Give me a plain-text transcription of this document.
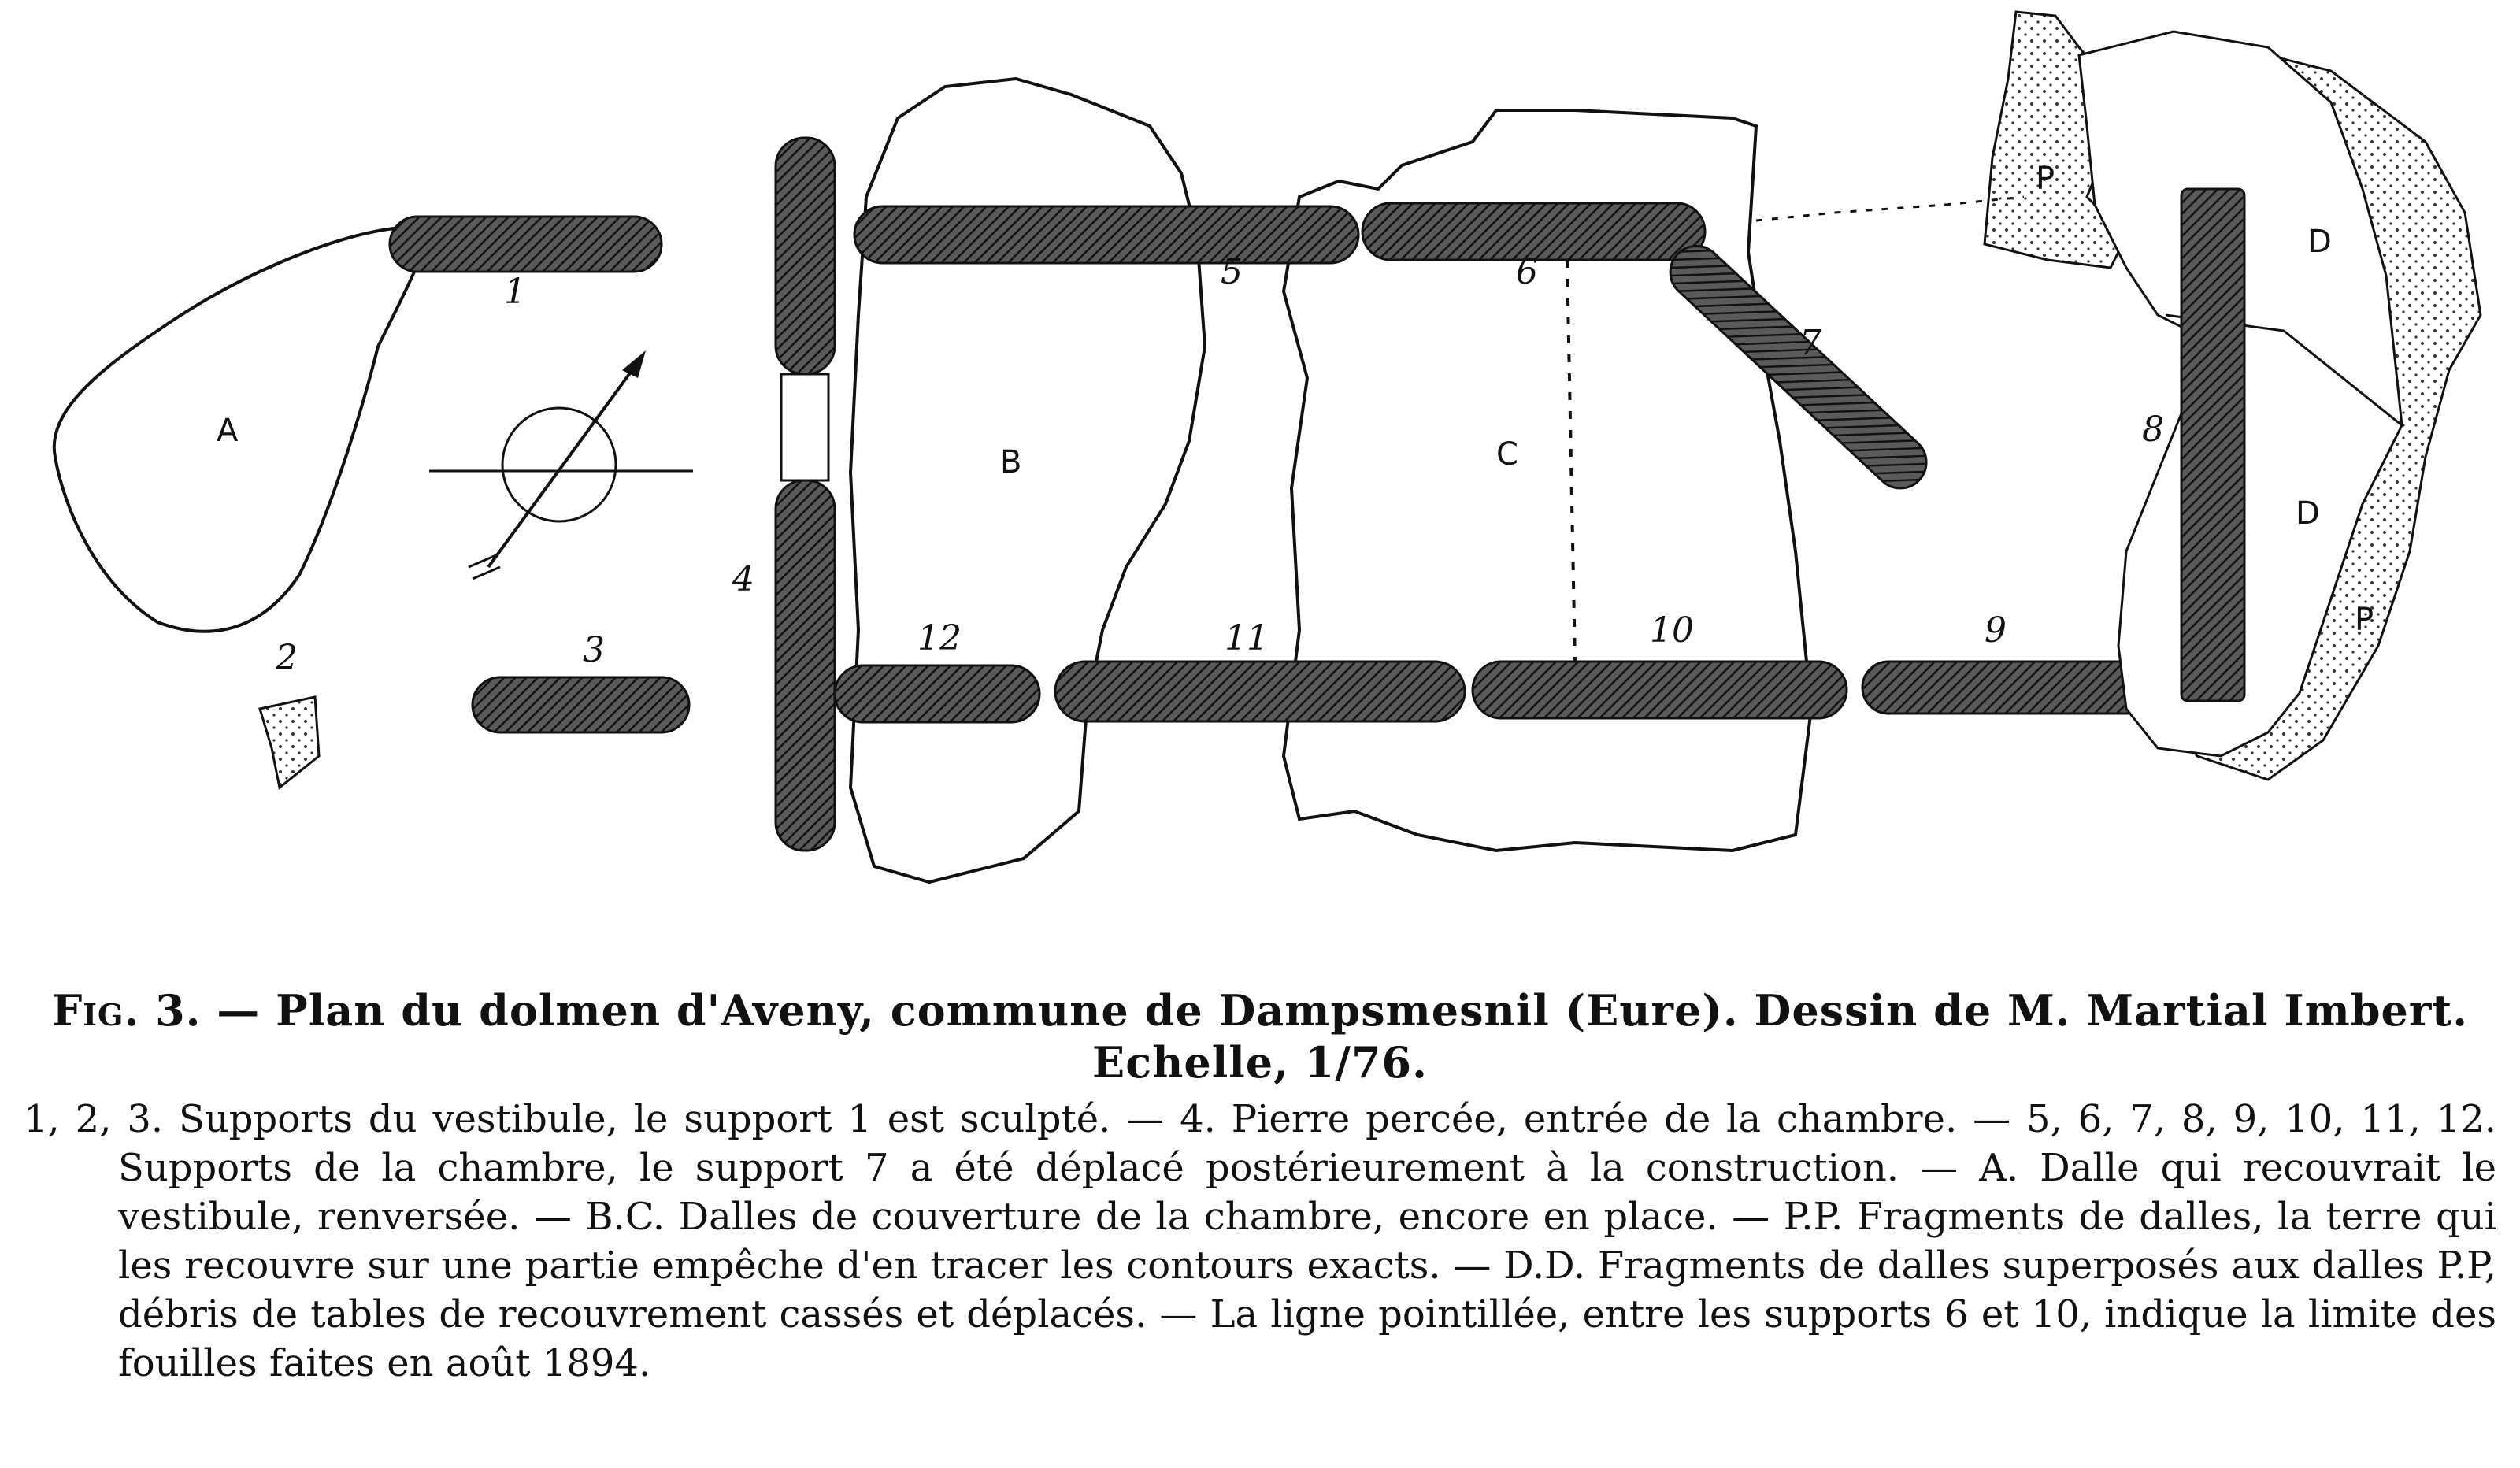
A
B	C
D
D
P
P
1
2	3
4
5	6
7
8
9
10
11
12
Fig. 3. — Plan du dolmen d'Aveny, commune de Dampsmesnil (Eure). Dessin de M. Martial Imbert.
Echelle, 1/76.
1, 2, 3. Supports du vestibule, le support 1 est sculpté. — 4. Pierre percée, entrée de la chambre. — 5, 6, 7, 8, 9, 10, 11, 12. Supports de la chambre, le support 7 a été déplacé postérieurement à la construction. — A. Dalle qui recouvrait le vestibule, renversée. — B.C. Dalles de couverture de la chambre, encore en place. — P.P. Fragments de dalles, la terre qui les recouvre sur une partie empêche d'en tracer les contours exacts. — D.D. Fragments de dalles superposés aux dalles P.P, débris de tables de recouvrement cassés et déplacés. — La ligne pointillée, entre les supports 6 et 10, indique la limite des fouilles faites en août 1894.
